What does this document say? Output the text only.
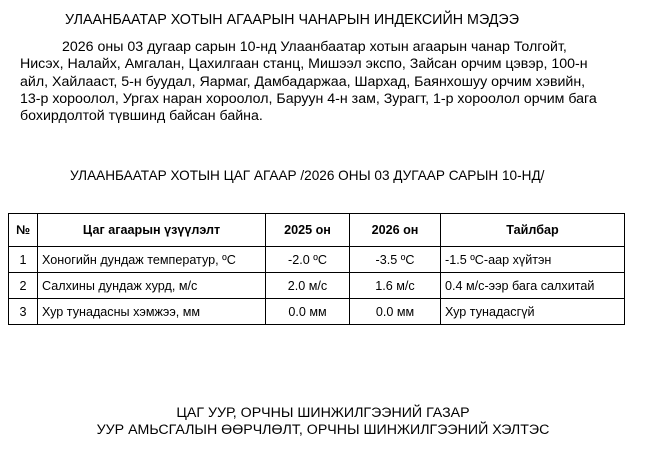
УЛААНБААТАР ХОТЫН АГААРЫН ЧАНАРЫН ИНДЕКСИЙН МЭДЭЭ
2026 оны 03 дугаар сарын 10-нд Улаанбаатар хотын агаарын чанар Толгойт,
Нисэх, Налайх, Амгалан, Цахилгаан станц, Мишээл экспо, Зайсан орчим цэвэр, 100-н
айл, Хайлааст, 5-н буудал, Яармаг, Дамбадаржаа, Шархад, Баянхошуу орчим хэвийн,
13-р хороолол, Ургах наран хороолол, Баруун 4-н зам, Зурагт, 1-р хороолол орчим бага
бохирдолтой түвшинд байсан байна.
УЛААНБААТАР ХОТЫН ЦАГ АГААР /2026 ОНЫ 03 ДУГААР САРЫН 10-НД/
№	Цаг агаарын үзүүлэлт	2025 он	2026 он	Тайлбар
1	Хоногийн дундаж температур, ºС	-2.0 ºС	-3.5 ºС	-1.5 ºС-аар хүйтэн
2	Салхины дундаж хурд, м/с	2.0 м/с	1.6 м/с	0.4 м/с-ээр бага салхитай
3	Хур тунадасны хэмжээ, мм	0.0 мм	0.0 мм	Хур тунадасгүй
ЦАГ УУР, ОРЧНЫ ШИНЖИЛГЭЭНИЙ ГАЗАР
УУР АМЬСГАЛЫН ӨӨРЧЛӨЛТ, ОРЧНЫ ШИНЖИЛГЭЭНИЙ ХЭЛТЭС
